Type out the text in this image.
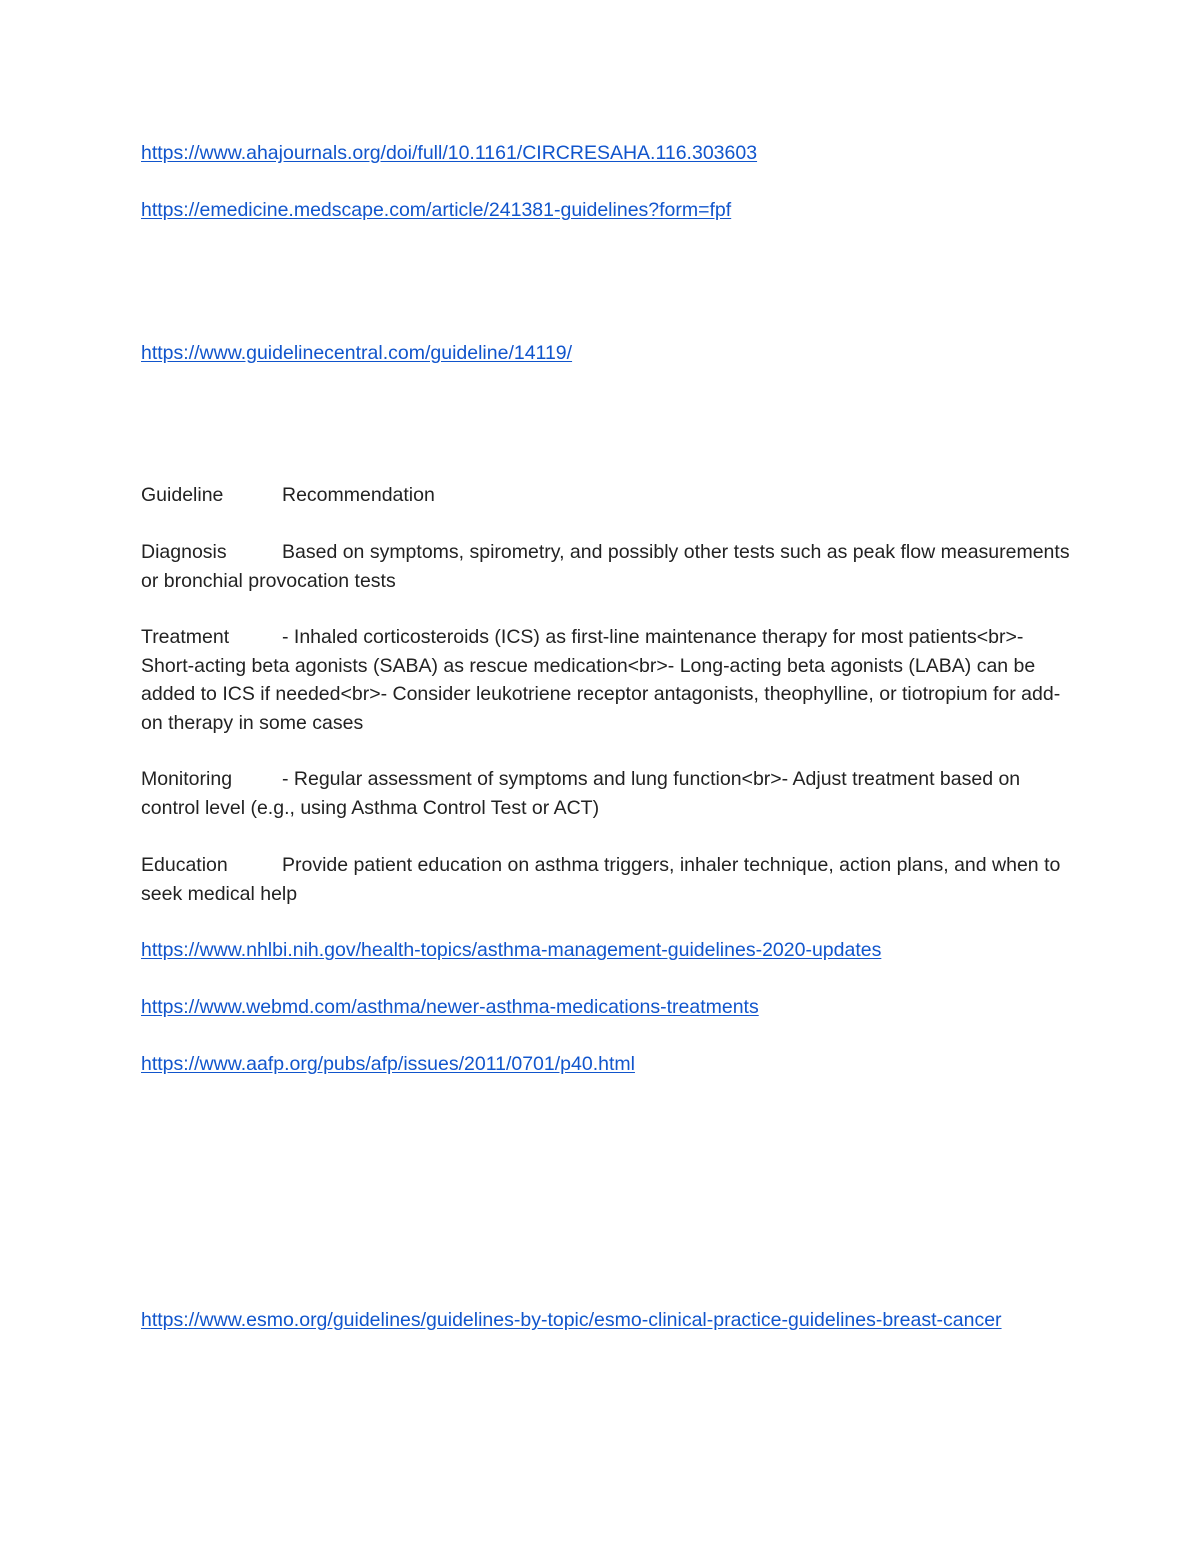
https://www.ahajournals.org/doi/full/10.1161/CIRCRESAHA.116.303603
https://emedicine.medscape.com/article/241381-guidelines?form=fpf
https://www.guidelinecentral.com/guideline/14119/
Guideline	Recommendation
Diagnosis	Based on symptoms, spirometry, and possibly other tests such as peak flow measurements or bronchial provocation tests
Treatment	- Inhaled corticosteroids (ICS) as first-line maintenance therapy for most patients<br>- Short-acting beta agonists (SABA) as rescue medication<br>- Long-acting beta agonists (LABA) can be added to ICS if needed<br>- Consider leukotriene receptor antagonists, theophylline, or tiotropium for add-on therapy in some cases
Monitoring	- Regular assessment of symptoms and lung function<br>- Adjust treatment based on control level (e.g., using Asthma Control Test or ACT)
Education	Provide patient education on asthma triggers, inhaler technique, action plans, and when to seek medical help
https://www.nhlbi.nih.gov/health-topics/asthma-management-guidelines-2020-updates
https://www.webmd.com/asthma/newer-asthma-medications-treatments
https://www.aafp.org/pubs/afp/issues/2011/0701/p40.html
https://www.esmo.org/guidelines/guidelines-by-topic/esmo-clinical-practice-guidelines-breast-cancer
